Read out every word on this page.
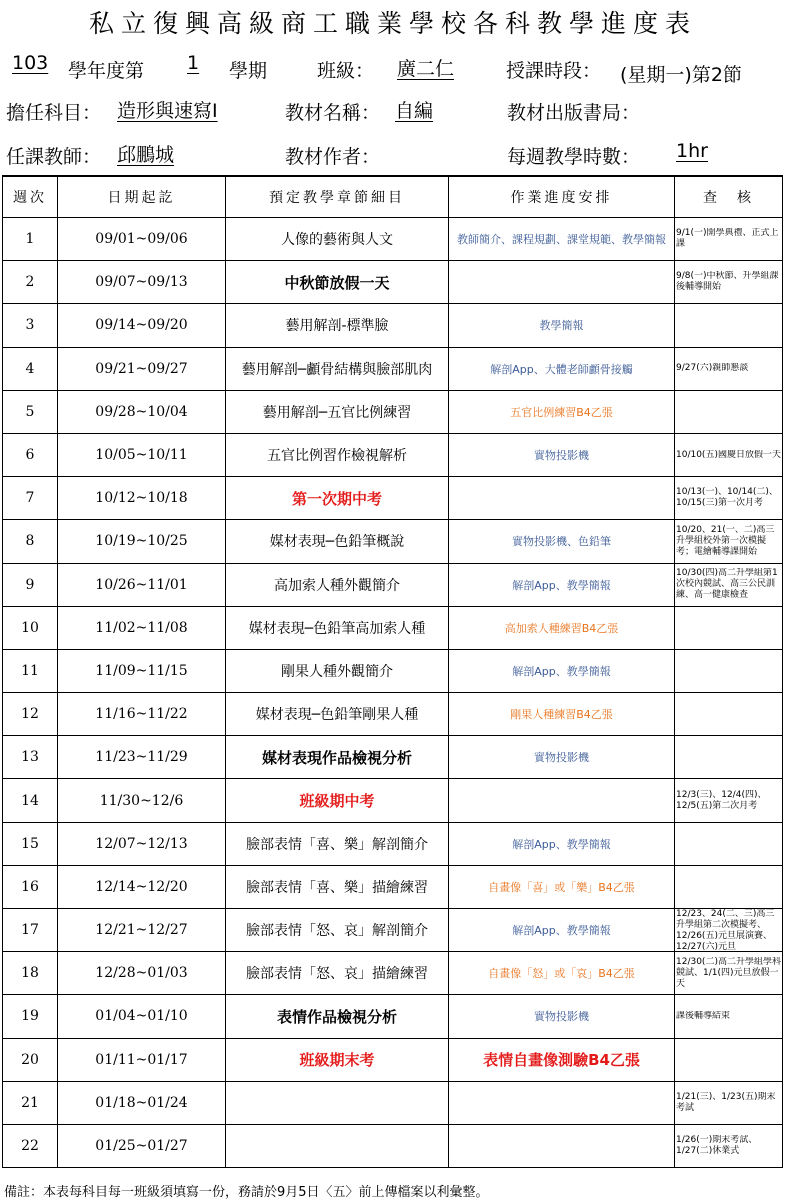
私立復興高級商工職業學校各科教學進度表
103 學年度第 1 學期	班級： 廣二仁	授課時段： (星期一)第2節
擔任科目： 造形與速寫Ⅰ	教材名稱： 自編	教材出版書局：
任課教師： 邱鵬城	教材作者：	每週教學時數： 1hr
週次	日期起訖	預定教學章節細目	作業進度安排	查　核
1	09/01~09/06	人像的藝術與人文	教師簡介、課程規劃、課堂規範、教學簡報	9/1(一)開學典禮、正式上課

2	09/07~09/13	中秋節放假一天		9/8(一)中秋節、升學組課後輔導開始

3	09/14~09/20	藝用解剖-標準臉	教學簡報	

4	09/21~09/27	藝用解剖─顱骨結構與臉部肌肉	解剖App、大體老師顱骨接觸	9/27(六)親師懇談

5	09/28~10/04	藝用解剖─五官比例練習	五官比例練習B4乙張	

6	10/05~10/11	五官比例習作檢視解析	實物投影機	10/10(五)國慶日放假一天

7	10/12~10/18	第一次期中考		10/13(一)、10/14(二)、10/15(三)第一次月考

8	10/19~10/25	媒材表現─色鉛筆概說	實物投影機、色鉛筆	10/20、21(一、二)高三升學組校外第一次模擬考；電繪輔導課開始

9	10/26~11/01	高加索人種外觀簡介	解剖App、教學簡報	10/30(四)高二升學組第1次校內競試、高三公民訓練、高一健康檢查

10	11/02~11/08	媒材表現─色鉛筆高加索人種	高加索人種練習B4乙張	

11	11/09~11/15	剛果人種外觀簡介	解剖App、教學簡報	

12	11/16~11/22	媒材表現─色鉛筆剛果人種	剛果人種練習B4乙張	

13	11/23~11/29	媒材表現作品檢視分析	實物投影機	

14	11/30~12/6	班級期中考		12/3(三)、12/4(四)、12/5(五)第二次月考

15	12/07~12/13	臉部表情「喜、樂」解剖簡介	解剖App、教學簡報	

16	12/14~12/20	臉部表情「喜、樂」描繪練習	自畫像「喜」或「樂」B4乙張	

17	12/21~12/27	臉部表情「怒、哀」解剖簡介	解剖App、教學簡報	12/23、24(二、三)高三升學組第二次模擬考、12/26(五)元旦展演賽、12/27(六)元旦

18	12/28~01/03	臉部表情「怒、哀」描繪練習	自畫像「怒」或「哀」B4乙張	12/30(二)高二升學組學科競試、1/1(四)元旦放假一天

19	01/04~01/10	表情作品檢視分析	實物投影機	課後輔導結束

20	01/11~01/17	班級期末考	表情自畫像測驗B4乙張	

21	01/18~01/24			1/21(三)、1/23(五)期末考試

22	01/25~01/27			1/26(一)期末考試、1/27(二)休業式
備註：本表每科目每一班級須填寫一份，務請於9月5日〈五〉前上傳檔案以利彙整。
